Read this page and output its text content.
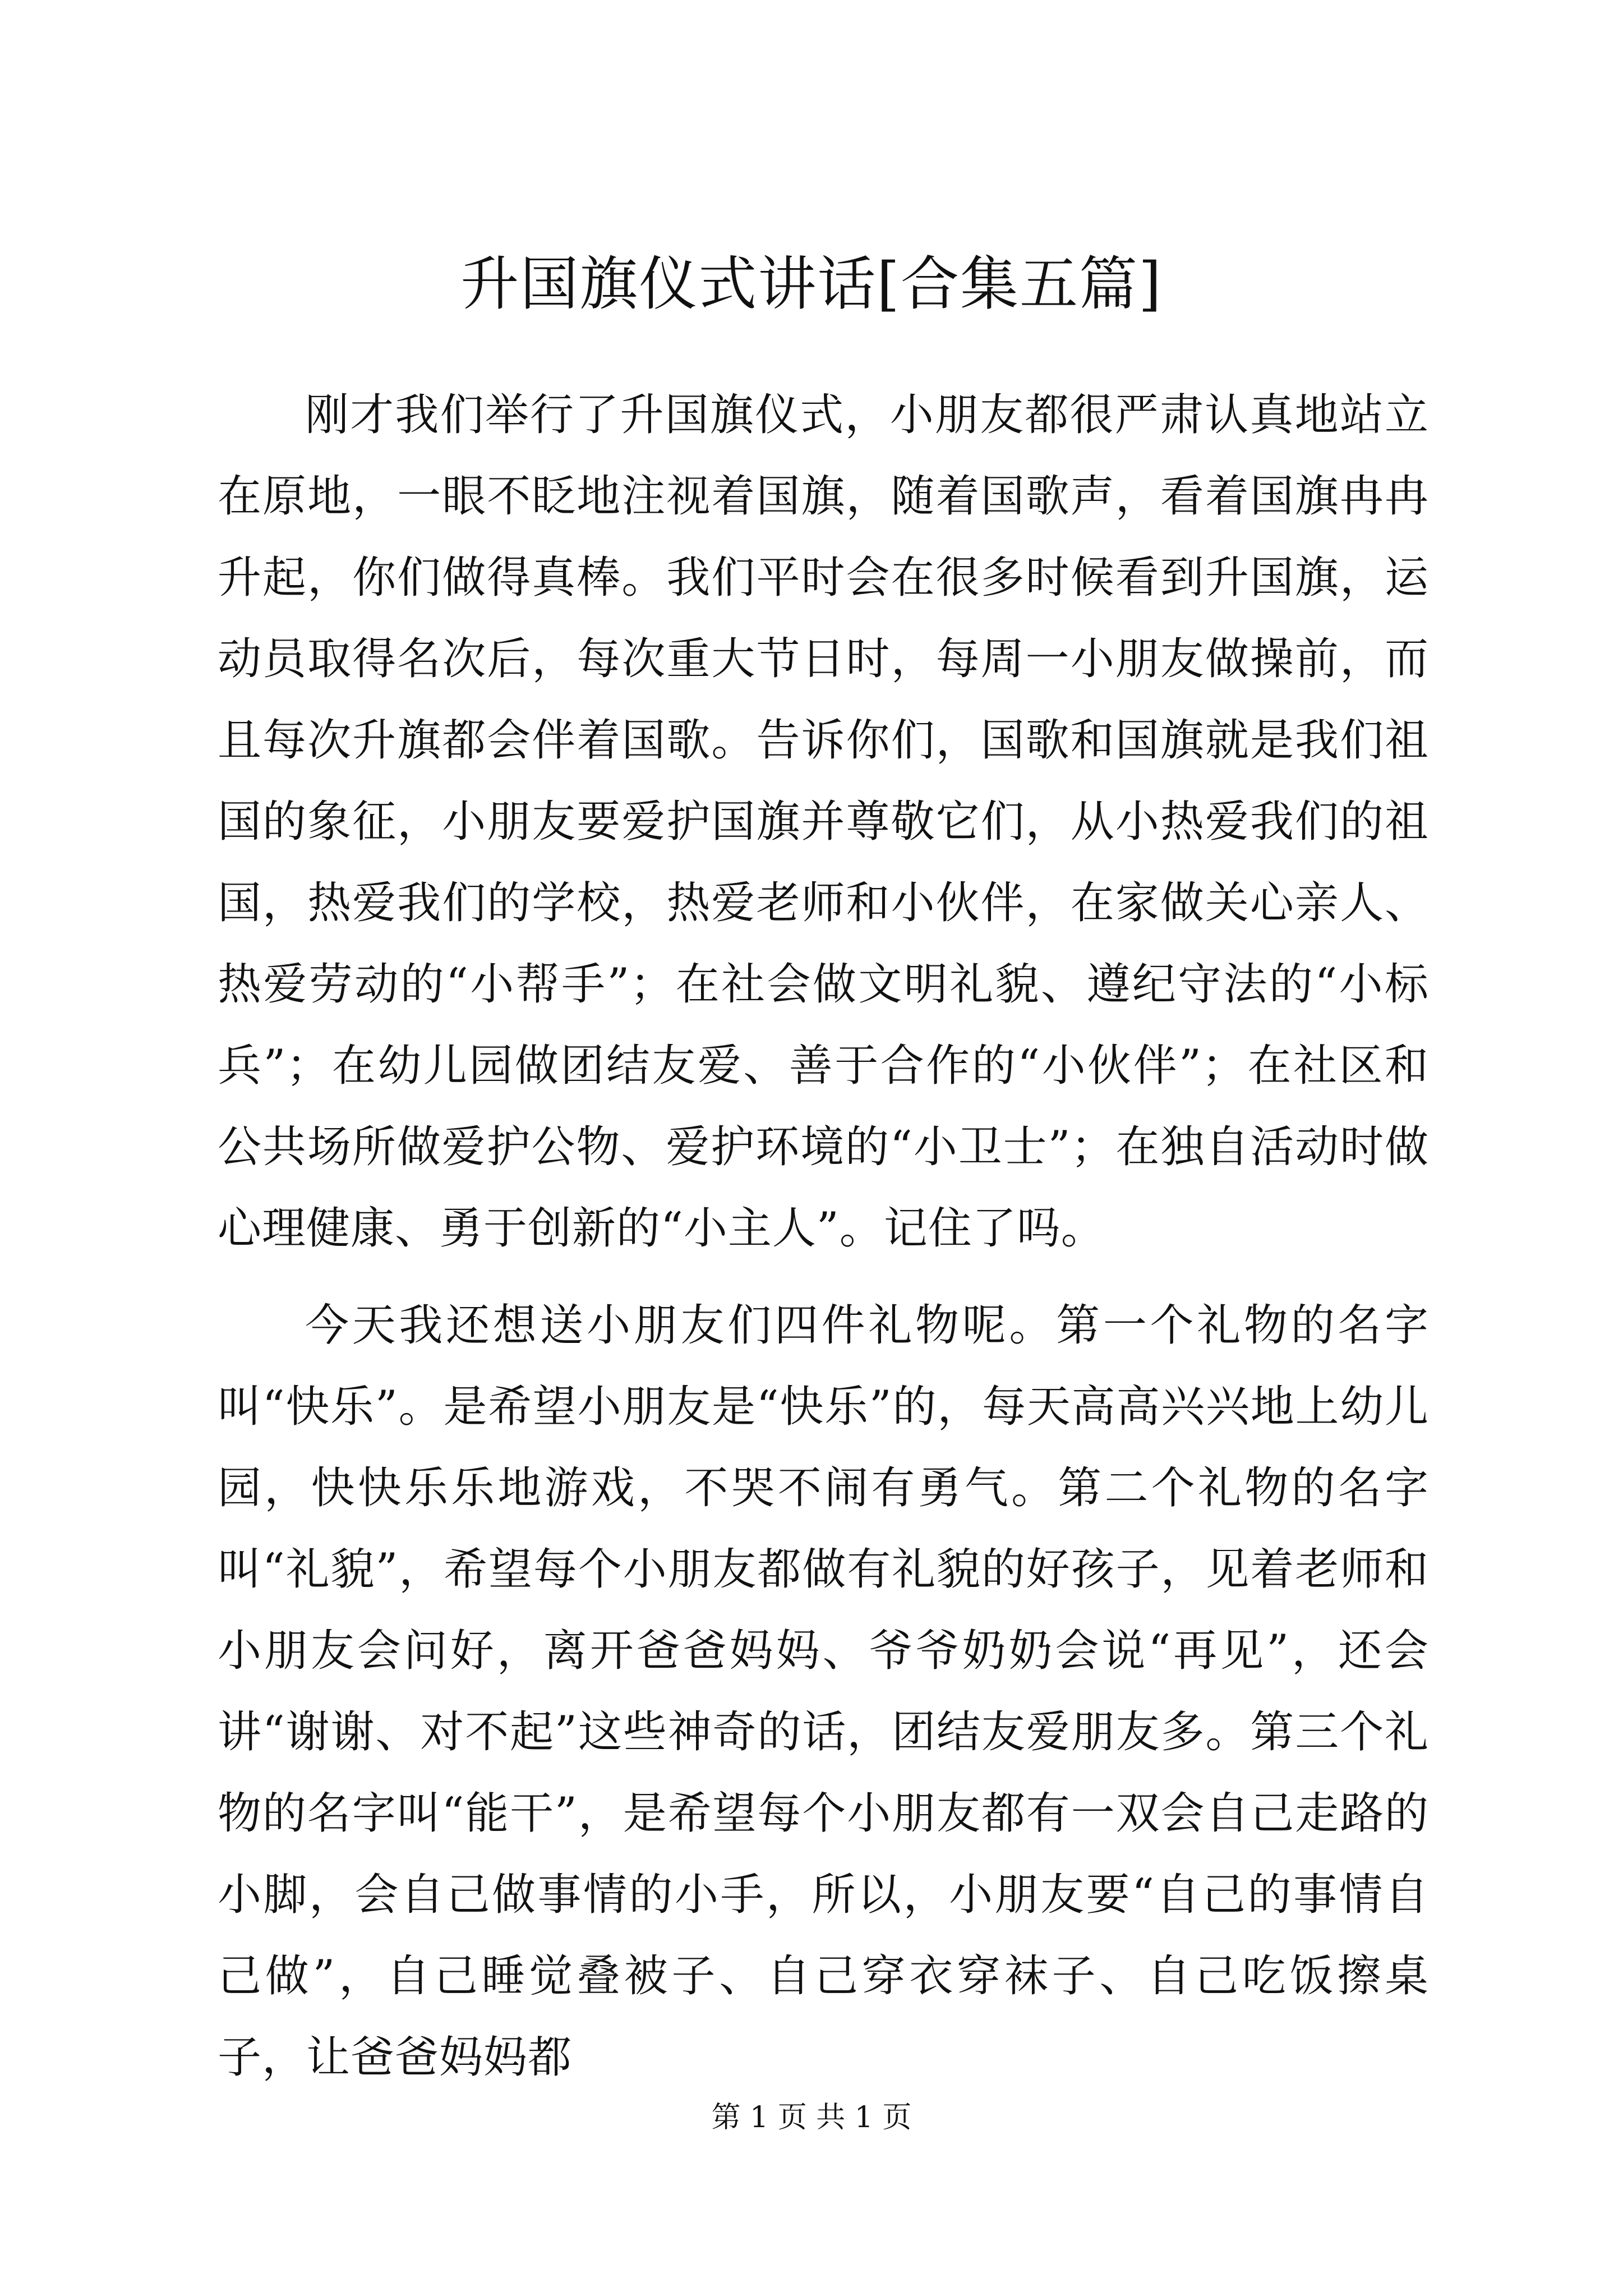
升国旗仪式讲话[合集五篇]

刚才我们举行了升国旗仪式，小朋友都很严肃认真地站立在原地，一眼不眨地注视着国旗，随着国歌声，看着国旗冉冉升起，你们做得真棒。我们平时会在很多时候看到升国旗，运动员取得名次后，每次重大节日时，每周一小朋友做操前，而且每次升旗都会伴着国歌。告诉你们，国歌和国旗就是我们祖国的象征，小朋友要爱护国旗并尊敬它们，从小热爱我们的祖国，热爱我们的学校，热爱老师和小伙伴，在家做关心亲人、热爱劳动的“小帮手”；在社会做文明礼貌、遵纪守法的“小标兵”；在幼儿园做团结友爱、善于合作的“小伙伴”；在社区和公共场所做爱护公物、爱护环境的“小卫士”；在独自活动时做心理健康、勇于创新的“小主人”。记住了吗。

今天我还想送小朋友们四件礼物呢。第一个礼物的名字叫“快乐”。是希望小朋友是“快乐”的，每天高高兴兴地上幼儿园，快快乐乐地游戏，不哭不闹有勇气。第二个礼物的名字叫“礼貌”，希望每个小朋友都做有礼貌的好孩子，见着老师和小朋友会问好，离开爸爸妈妈、爷爷奶奶会说“再见”，还会讲“谢谢、对不起”这些神奇的话，团结友爱朋友多。第三个礼物的名字叫“能干”，是希望每个小朋友都有一双会自己走路的小脚，会自己做事情的小手，所以，小朋友要“自己的事情自己做”，自己睡觉叠被子、自己穿衣穿袜子、自己吃饭擦桌子，让爸爸妈妈都

第 1 页 共 1 页
